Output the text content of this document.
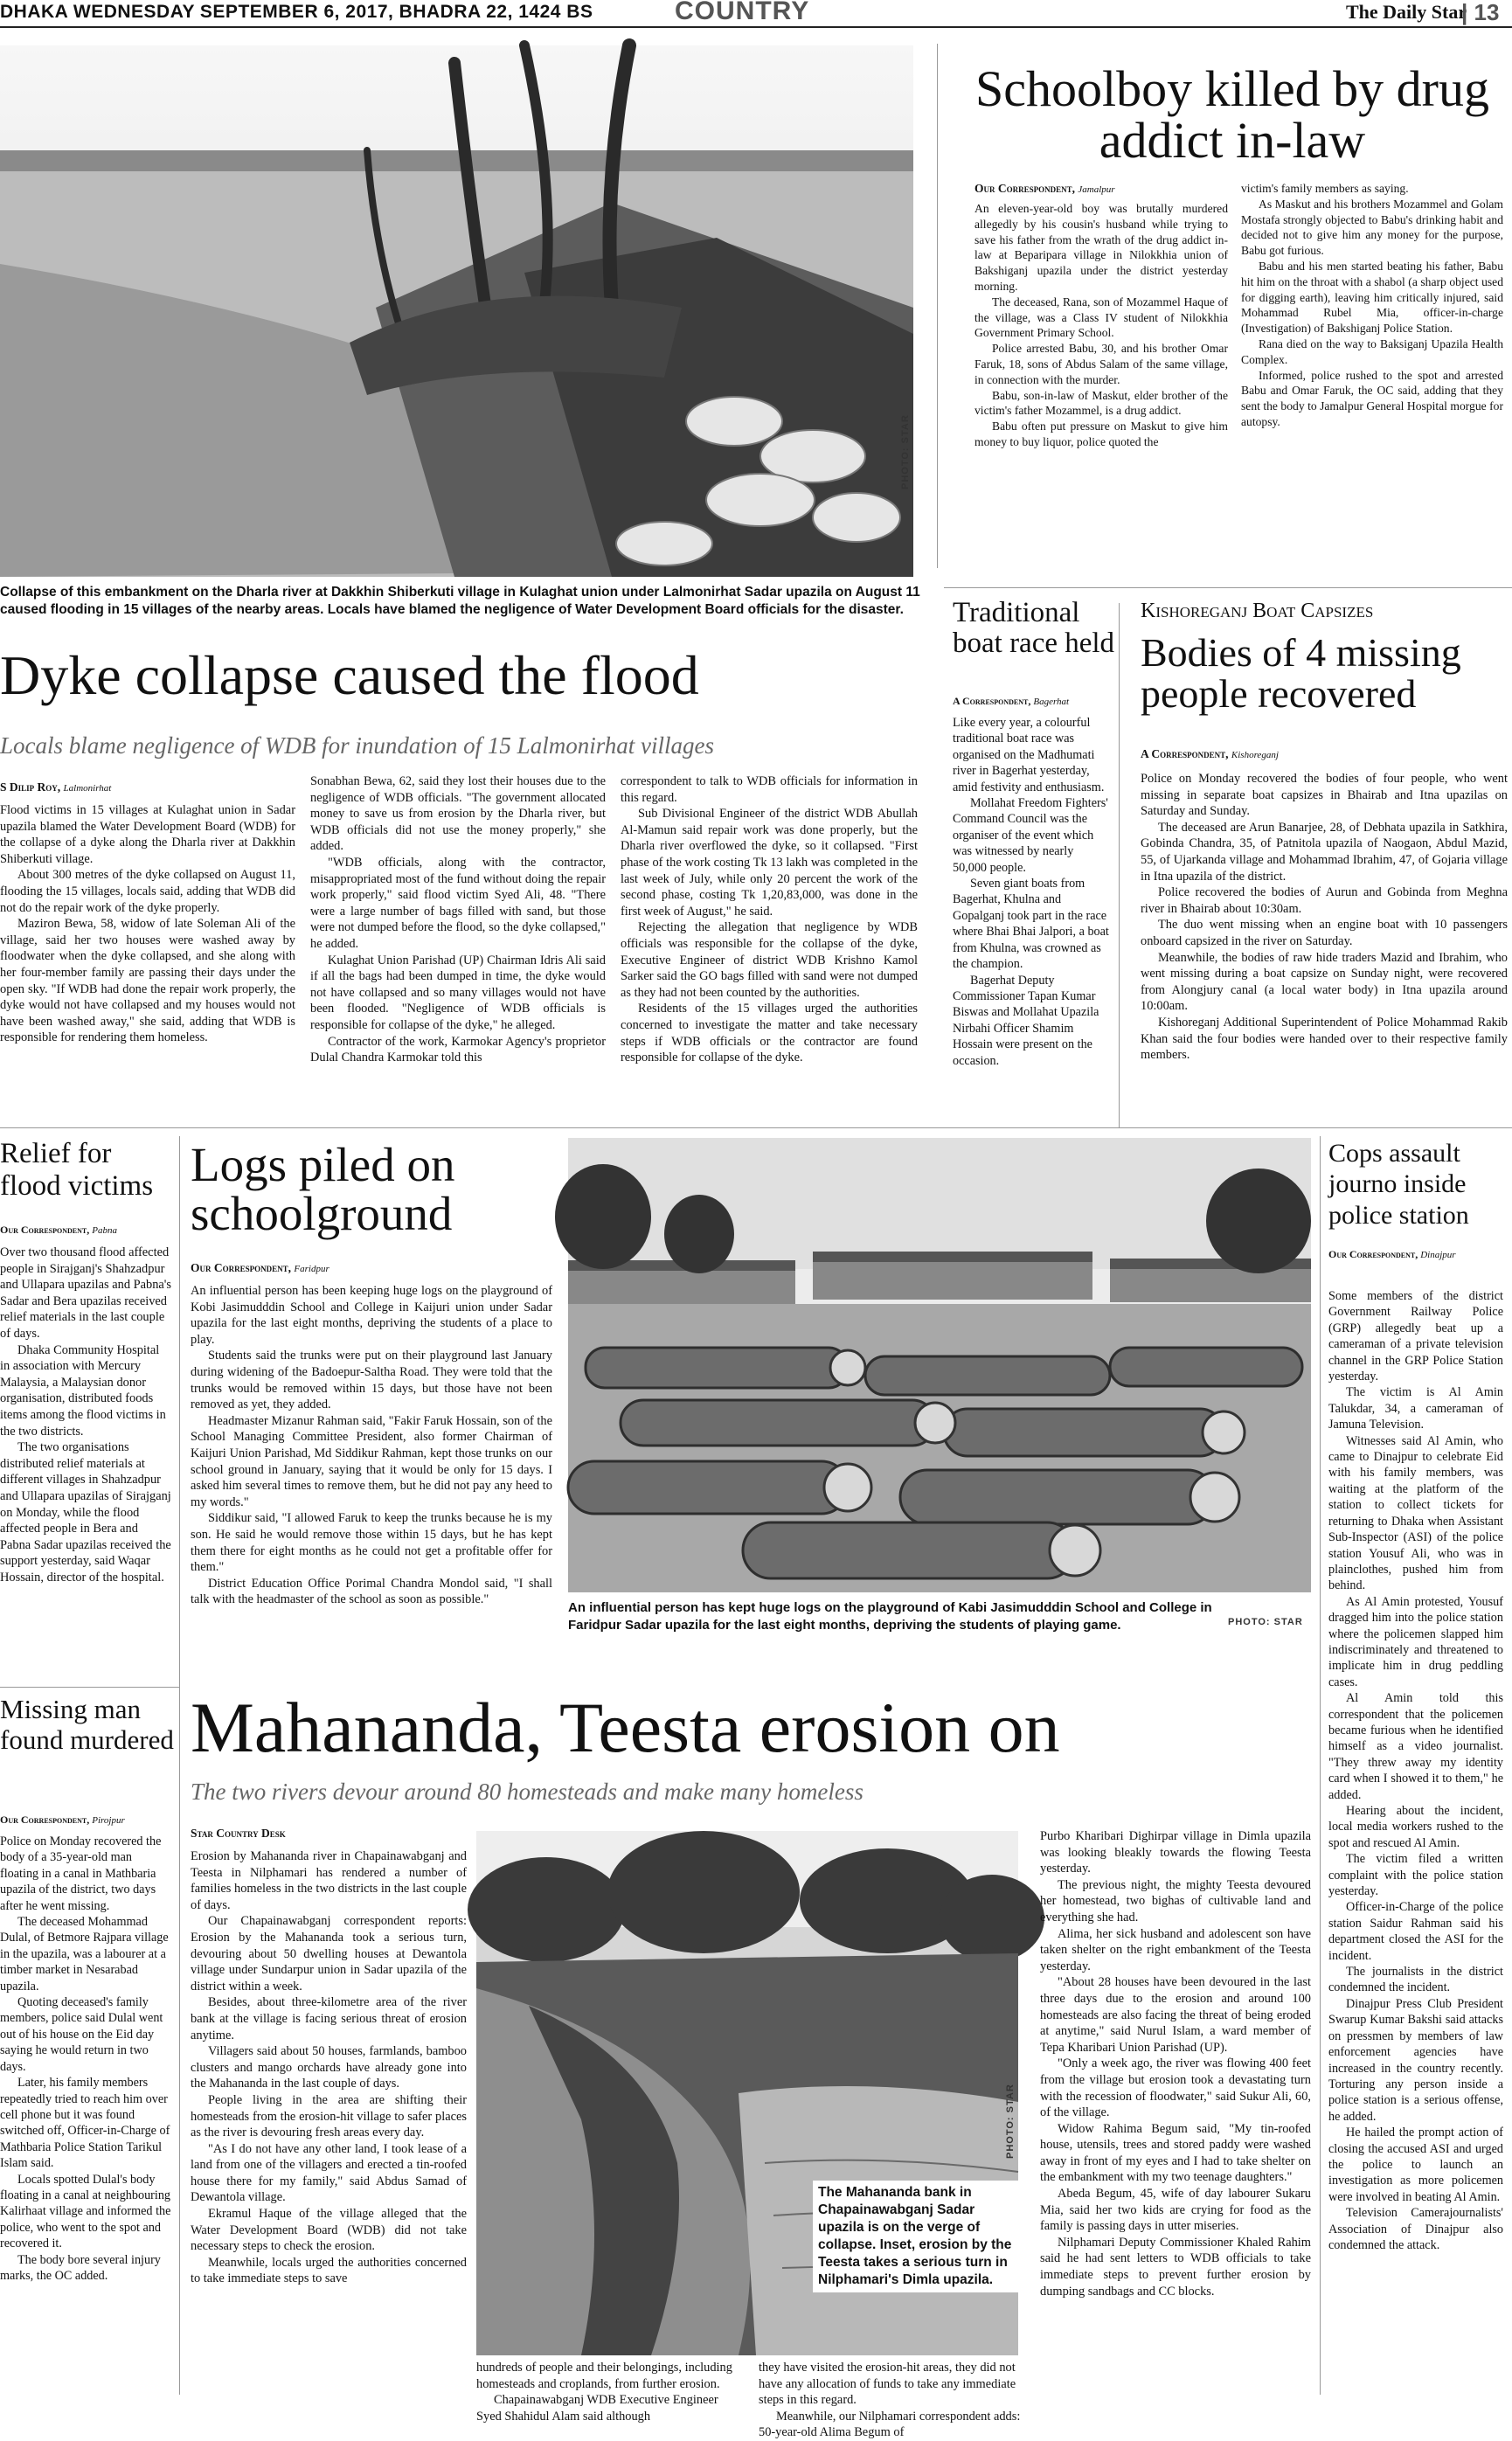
DHAKA WEDNESDAY SEPTEMBER 6, 2017, BHADRA 22, 1424 BS	COUNTRY	The Daily Star
| 13
PHOTO: STAR
Collapse of this embankment on the Dharla river at Dakkhin Shiberkuti village in Kulaghat union under Lalmonirhat Sadar upazila on August 11 caused flooding in 15 villages of the nearby areas. Locals have blamed the negligence of Water Development Board officials for the disaster.
Dyke collapse caused the flood
Locals blame negligence of WDB for inundation of 15 Lalmonirhat villages
S Dilip Roy, Lalmonirhat

Flood victims in 15 villages at Kulaghat union in Sadar upazila blamed the Water Development Board (WDB) for the collapse of a dyke along the Dharla river at Dakkhin Shiberkuti village.

About 300 metres of the dyke collapsed on August 11, flooding the 15 villages, locals said, adding that WDB did not do the repair work of the dyke properly.

Maziron Bewa, 58, widow of late Soleman Ali of the village, said her two houses were washed away by floodwater when the dyke collapsed, and she along with her four-member family are passing their days under the open sky. "If WDB had done the repair work properly, the dyke would not have collapsed and my houses would not have been washed away," she said, adding that WDB is responsible for rendering them homeless.

Sonabhan Bewa, 62, said they lost their houses due to the negligence of WDB officials. "The government allocated money to save us from erosion by the Dharla river, but WDB officials did not use the money properly," she added.

"WDB officials, along with the contractor, misappropriated most of the fund without doing the repair work properly," said flood victim Syed Ali, 48. "There were a large number of bags filled with sand, but those were not dumped before the flood, so the dyke collapsed," he added.

Kulaghat Union Parishad (UP) Chairman Idris Ali said if all the bags had been dumped in time, the dyke would not have collapsed and so many villages would not have been flooded. "Negligence of WDB officials is responsible for collapse of the dyke," he alleged.

Contractor of the work, Karmokar Agency's proprietor Dulal Chandra Karmokar told this

correspondent to talk to WDB officials for information in this regard.

Sub Divisional Engineer of the district WDB Abullah Al-Mamun said repair work was done properly, but the Dharla river overflowed the dyke, so it collapsed. "First phase of the work costing Tk 13 lakh was completed in the last week of July, while only 20 percent the work of the second phase, costing Tk 1,20,83,000, was done in the first week of August," he said.

Rejecting the allegation that negligence by WDB officials was responsible for the collapse of the dyke, Executive Engineer of district WDB Krishno Kamol Sarker said the GO bags filled with sand were not dumped as they had not been counted by the authorities.

Residents of the 15 villages urged the authorities concerned to investigate the matter and take necessary steps if WDB officials or the contractor are found responsible for collapse of the dyke.

Schoolboy killed by drug addict in-law
Our Correspondent, Jamalpur

An eleven-year-old boy was brutally murdered allegedly by his cousin's husband while trying to save his father from the wrath of the drug addict in-law at Beparipara village in Nilokkhia union of Bakshiganj upazila under the district yesterday morning.

The deceased, Rana, son of Mozammel Haque of the village, was a Class IV student of Nilokkhia Government Primary School.

Police arrested Babu, 30, and his brother Omar Faruk, 18, sons of Abdus Salam of the same village, in connection with the murder.

Babu, son-in-law of Maskut, elder brother of the victim's father Mozammel, is a drug addict.

Babu often put pressure on Maskut to give him money to buy liquor, police quoted the

victim's family members as saying.

As Maskut and his brothers Mozammel and Golam Mostafa strongly objected to Babu's drinking habit and decided not to give him any money for the purpose, Babu got furious.

Babu and his men started beating his father, Babu hit him on the throat with a shabol (a sharp object used for digging earth), leaving him critically injured, said Mohammad Rubel Mia, officer-in-charge (Investigation) of Bakshiganj Police Station.

Rana died on the way to Baksiganj Upazila Health Complex.

Informed, police rushed to the spot and arrested Babu and Omar Faruk, the OC said, adding that they sent the body to Jamalpur General Hospital morgue for autopsy.

Traditional boat race held
A Correspondent, Bagerhat

Like every year, a colourful traditional boat race was organised on the Madhumati river in Bagerhat yesterday, amid festivity and enthusiasm.

Mollahat Freedom Fighters' Command Council was the organiser of the event which was witnessed by nearly 50,000 people.

Seven giant boats from Bagerhat, Khulna and Gopalganj took part in the race where Bhai Bhai Jalpori, a boat from Khulna, was crowned as the champion.

Bagerhat Deputy Commissioner Tapan Kumar Biswas and Mollahat Upazila Nirbahi Officer Shamim Hossain were present on the occasion.

Kishoreganj Boat Capsizes
Bodies of 4 missing people recovered
A Correspondent, Kishoreganj

Police on Monday recovered the bodies of four people, who went missing in separate boat capsizes in Bhairab and Itna upazilas on Saturday and Sunday.

The deceased are Arun Banarjee, 28, of Debhata upazila in Satkhira, Gobinda Chandra, 35, of Patnitola upazila of Naogaon, Abdul Mazid, 55, of Ujarkanda village and Mohammad Ibrahim, 47, of Gojaria village in Itna upazila of the district.

Police recovered the bodies of Aurun and Gobinda from Meghna river in Bhairab about 10:30am.

The duo went missing when an engine boat with 10 passengers onboard capsized in the river on Saturday.

Meanwhile, the bodies of raw hide traders Mazid and Ibrahim, who went missing during a boat capsize on Sunday night, were recovered from Alongjury canal (a local water body) in Itna upazila around 10:00am.

Kishoreganj Additional Superintendent of Police Mohammad Rakib Khan said the four bodies were handed over to their respective family members.

Relief for flood victims
Our Correspondent, Pabna

Over two thousand flood affected people in Sirajganj's Shahzadpur and Ullapara upazilas and Pabna's Sadar and Bera upazilas received relief materials in the last couple of days.

Dhaka Community Hospital in association with Mercury Malaysia, a Malaysian donor organisation, distributed foods items among the flood victims in the two districts.

The two organisations distributed relief materials at different villages in Shahzadpur and Ullapara upazilas of Sirajganj on Monday, while the flood affected people in Bera and Pabna Sadar upazilas received the support yesterday, said Waqar Hossain, director of the hospital.

Logs piled on schoolground
Our Correspondent, Faridpur

An influential person has been keeping huge logs on the playground of Kobi Jasimudddin School and College in Kaijuri union under Sadar upazila for the last eight months, depriving the students of a place to play.

Students said the trunks were put on their playground last January during widening of the Badoepur-Saltha Road. They were told that the trunks would be removed within 15 days, but those have not been removed as yet, they added.

Headmaster Mizanur Rahman said, "Fakir Faruk Hossain, son of the School Managing Committee President, also former Chairman of Kaijuri Union Parishad, Md Siddikur Rahman, kept those trunks on our school ground in January, saying that it would be only for 15 days. I asked him several times to remove them, but he did not pay any heed to my words."

Siddikur said, "I allowed Faruk to keep the trunks because he is my son. He said he would remove those within 15 days, but he has kept them there for eight months as he could not get a profitable offer for them."

District Education Office Porimal Chandra Mondol said, "I shall talk with the headmaster of the school as soon as possible."

An influential person has kept huge logs on the playground of Kabi Jasimudddin School and College in Faridpur Sadar upazila for the last eight months, depriving the students of playing game.	PHOTO: STAR
Cops assault journo inside police station
Our Correspondent, Dinajpur

Some members of the district Government Railway Police (GRP) allegedly beat up a cameraman of a private television channel in the GRP Police Station yesterday.

The victim is Al Amin Talukdar, 34, a cameraman of Jamuna Television.

Witnesses said Al Amin, who came to Dinajpur to celebrate Eid with his family members, was waiting at the platform of the station to collect tickets for returning to Dhaka when Assistant Sub-Inspector (ASI) of the police station Yousuf Ali, who was in plainclothes, pushed him from behind.

As Al Amin protested, Yousuf dragged him into the police station where the policemen slapped him indiscriminately and threatened to implicate him in drug peddling cases.

Al Amin told this correspondent that the policemen became furious when he identified himself as a video journalist. "They threw away my identity card when I showed it to them," he added.

Hearing about the incident, local media workers rushed to the spot and rescued Al Amin.

The victim filed a written complaint with the police station yesterday.

Officer-in-Charge of the police station Saidur Rahman said his department closed the ASI for the incident.

The journalists in the district condemned the incident.

Dinajpur Press Club President Swarup Kumar Bakshi said attacks on pressmen by members of law enforcement agencies have increased in the country recently. Torturing any person inside a police station is a serious offense, he added.

He hailed the prompt action of closing the accused ASI and urged the police to launch an investigation as more policemen were involved in beating Al Amin.

Television Camerajournalists' Association of Dinajpur also condemned the attack.

Missing man found murdered
Our Correspondent, Pirojpur

Police on Monday recovered the body of a 35-year-old man floating in a canal in Mathbaria upazila of the district, two days after he went missing.

The deceased Mohammad Dulal, of Betmore Rajpara village in the upazila, was a labourer at a timber market in Nesarabad upazila.

Quoting deceased's family members, police said Dulal went out of his house on the Eid day saying he would return in two days.

Later, his family members repeatedly tried to reach him over cell phone but it was found switched off, Officer-in-Charge of Mathbaria Police Station Tarikul Islam said.

Locals spotted Dulal's body floating in a canal at neighbouring Kalirhaat village and informed the police, who went to the spot and recovered it.

The body bore several injury marks, the OC added.

Mahananda, Teesta erosion on
The two rivers devour around 80 homesteads and make many homeless
Star Country Desk

Erosion by Mahananda river in Chapainawabganj and Teesta in Nilphamari has rendered a number of families homeless in the two districts in the last couple of days.

Our Chapainawabganj correspondent reports: Erosion by the Mahananda took a serious turn, devouring about 50 dwelling houses at Dewantola village under Sundarpur union in Sadar upazila of the district within a week.

Besides, about three-kilometre area of the river bank at the village is facing serious threat of erosion anytime.

Villagers said about 50 houses, farmlands, bamboo clusters and mango orchards have already gone into the Mahananda in the last couple of days.

People living in the area are shifting their homesteads from the erosion-hit village to safer places as the river is devouring fresh areas every day.

"As I do not have any other land, I took lease of a land from one of the villagers and erected a tin-roofed house there for my family," said Abdus Samad of Dewantola village.

Ekramul Haque of the village alleged that the Water Development Board (WDB) did not take necessary steps to check the erosion.

Meanwhile, locals urged the authorities concerned to take immediate steps to save

PHOTO: STAR
The Mahananda bank in Chapainawabganj Sadar upazila is on the verge of collapse. Inset, erosion by the Teesta takes a serious turn in Nilphamari's Dimla upazila.

hundreds of people and their belongings, including homesteads and croplands, from further erosion.

Chapainawabganj WDB Executive Engineer Syed Shahidul Alam said although

they have visited the erosion-hit areas, they did not have any allocation of funds to take any immediate steps in this regard.

Meanwhile, our Nilphamari correspondent adds: 50-year-old Alima Begum of

Purbo Kharibari Dighirpar village in Dimla upazila was looking bleakly towards the flowing Teesta yesterday.

The previous night, the mighty Teesta devoured her homestead, two bighas of cultivable land and everything she had.

Alima, her sick husband and adolescent son have taken shelter on the right embankment of the Teesta yesterday.

"About 28 houses have been devoured in the last three days due to the erosion and around 100 homesteads are also facing the threat of being eroded at anytime," said Nurul Islam, a ward member of Tepa Kharibari Union Parishad (UP).

"Only a week ago, the river was flowing 400 feet from the village but erosion took a devastating turn with the recession of floodwater," said Sukur Ali, 60, of the village.

Widow Rahima Begum said, "My tin-roofed house, utensils, trees and stored paddy were washed away in front of my eyes and I had to take shelter on the embankment with my two teenage daughters."

Abeda Begum, 45, wife of day labourer Sukaru Mia, said her two kids are crying for food as the family is passing days in utter miseries.

Nilphamari Deputy Commissioner Khaled Rahim said he had sent letters to WDB officials to take immediate steps to prevent further erosion by dumping sandbags and CC blocks.
